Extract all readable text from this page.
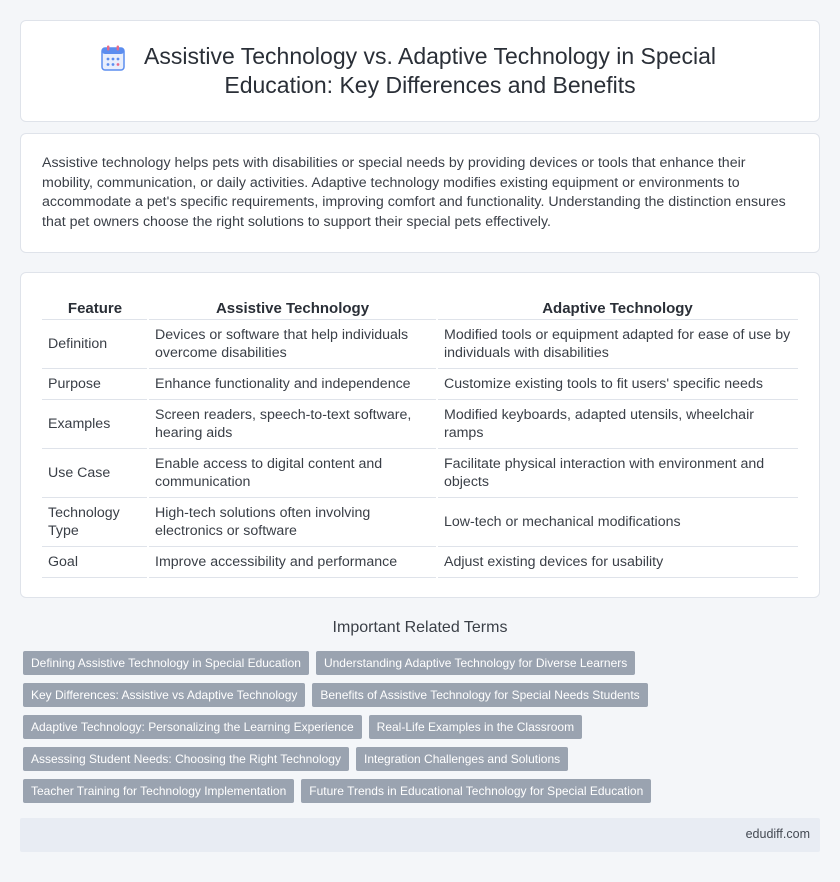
Assistive Technology vs. Adaptive Technology in Special Education: Key Differences and Benefits

Assistive technology helps pets with disabilities or special needs by providing devices or tools that enhance their mobility, communication, or daily activities. Adaptive technology modifies existing equipment or environments to accommodate a pet's specific requirements, improving comfort and functionality. Understanding the distinction ensures that pet owners choose the right solutions to support their special pets effectively.

Feature	Assistive Technology	Adaptive Technology
Definition	Devices or software that help individuals overcome disabilities	Modified tools or equipment adapted for ease of use by individuals with disabilities
Purpose	Enhance functionality and independence	Customize existing tools to fit users' specific needs
Examples	Screen readers, speech-to-text software, hearing aids	Modified keyboards, adapted utensils, wheelchair ramps
Use Case	Enable access to digital content and communication	Facilitate physical interaction with environment and objects
Technology Type	High-tech solutions often involving electronics or software	Low-tech or mechanical modifications
Goal	Improve accessibility and performance	Adjust existing devices for usability
Important Related Terms
Defining Assistive Technology in Special Education	Understanding Adaptive Technology for Diverse Learners
Key Differences: Assistive vs Adaptive Technology	Benefits of Assistive Technology for Special Needs Students
Adaptive Technology: Personalizing the Learning Experience	Real-Life Examples in the Classroom
Assessing Student Needs: Choosing the Right Technology	Integration Challenges and Solutions
Teacher Training for Technology Implementation	Future Trends in Educational Technology for Special Education
edudiff.com
